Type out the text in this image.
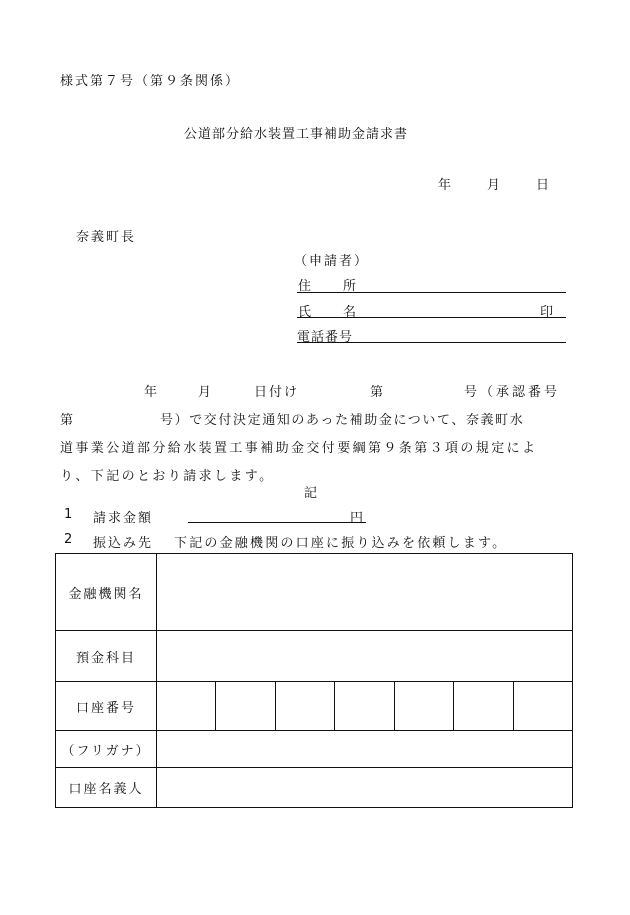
様式第７号（第９条関係）
公道部分給水装置工事補助金請求書
年	月	日
奈義町長
（申請者）
住　　所
氏　　名	印
電話番号
年	月	日付け	第	号（承認番号
第	号）で交付決定通知のあった補助金について、奈義町水
道事業公道部分給水装置工事補助金交付要綱第９条第３項の規定によ
り、下記のとおり請求します。
記
1 請求金額	円
2 振込み先 下記の金融機関の口座に振り込みを依頼します。
金融機関名	
預金科目	
口座番号	

（フリガナ）	
口座名義人	
